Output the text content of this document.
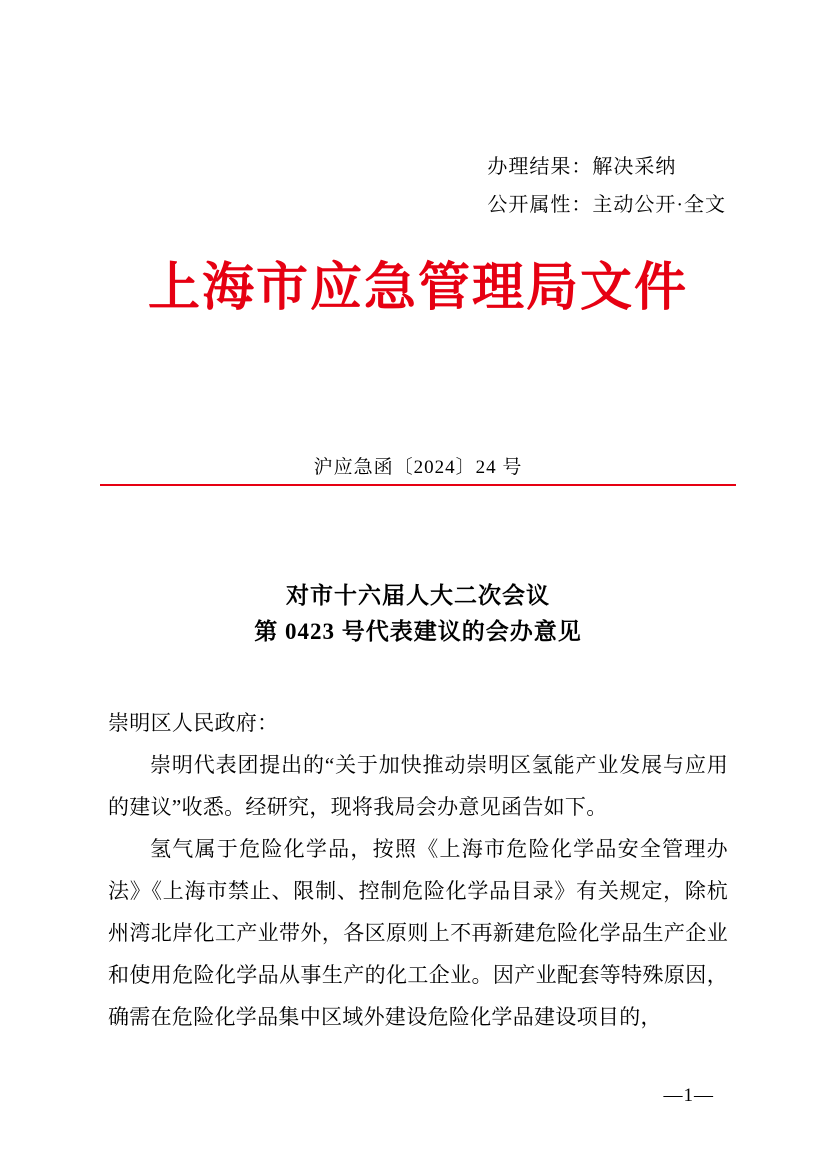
办理结果：解决采纳
公开属性：主动公开·全文
上海市应急管理局文件
沪应急函〔2024〕24 号
对市十六届人大二次会议
第 0423 号代表建议的会办意见

崇明区人民政府：

崇明代表团提出的“关于加快推动崇明区氢能产业发展与应用的建议”收悉。经研究，现将我局会办意见函告如下。

氢气属于危险化学品，按照《上海市危险化学品安全管理办法》《上海市禁止、限制、控制危险化学品目录》有关规定，除杭州湾北岸化工产业带外，各区原则上不再新建危险化学品生产企业和使用危险化学品从事生产的化工企业。因产业配套等特殊原因，确需在危险化学品集中区域外建设危险化学品建设项目的，

—1—
